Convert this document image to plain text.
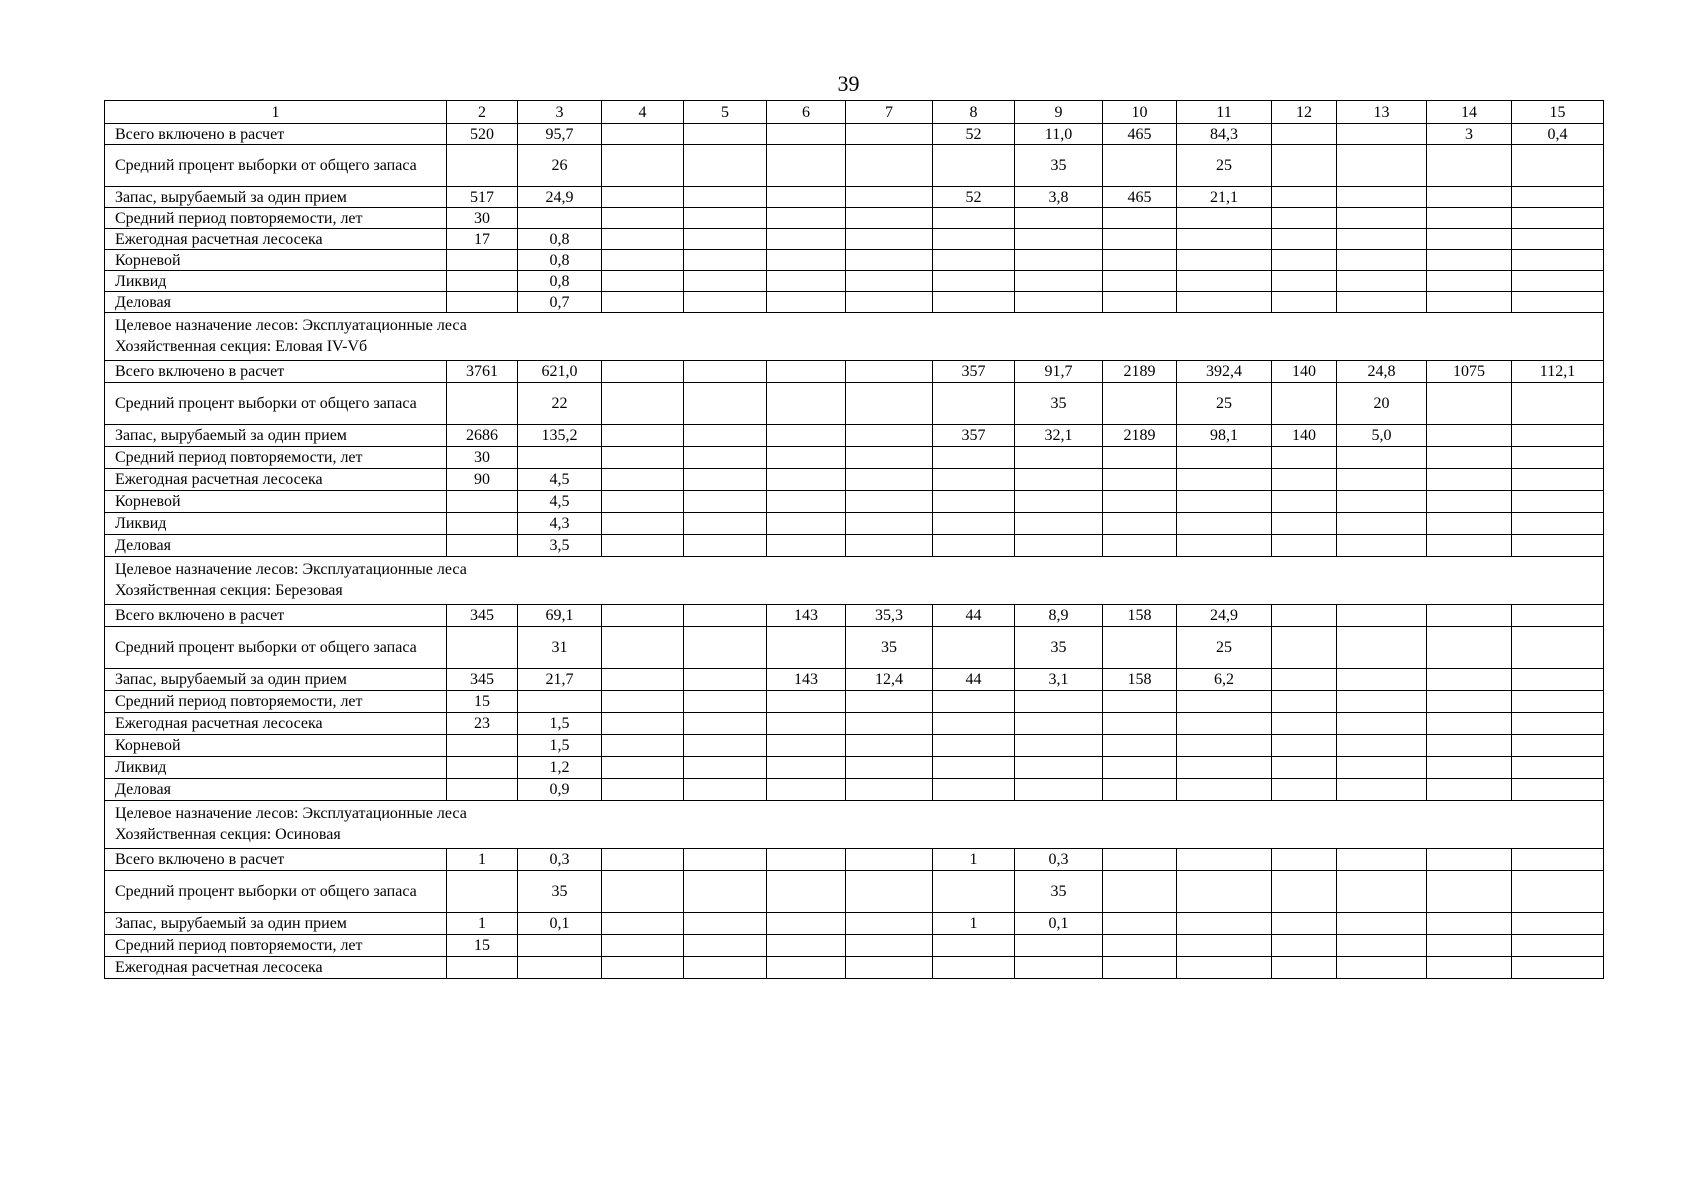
39
1	2	3	4	5	6	7	8	9	10	11	12	13	14	15
Всего включено в расчет	520	95,7					52	11,0	465	84,3			3	0,4
Средний процент выборки от общего запаса		26						35		25				
Запас, вырубаемый за один прием	517	24,9					52	3,8	465	21,1				
Средний период повторяемости, лет	30													
Ежегодная расчетная лесосека	17	0,8												
Корневой		0,8												
Ликвид		0,8												
Деловая		0,7												

Целевое назначение лесов: Эксплуатационные леса
Хозяйственная секция: Еловая IV-Vб														

Всего включено в расчет	3761	621,0					357	91,7	2189	392,4	140	24,8	1075	112,1
Средний процент выборки от общего запаса		22						35		25		20		
Запас, вырубаемый за один прием	2686	135,2					357	32,1	2189	98,1	140	5,0		
Средний период повторяемости, лет	30													
Ежегодная расчетная лесосека	90	4,5												
Корневой		4,5												
Ликвид		4,3												
Деловая		3,5												

Целевое назначение лесов: Эксплуатационные леса
Хозяйственная секция: Березовая														

Всего включено в расчет	345	69,1			143	35,3	44	8,9	158	24,9				
Средний процент выборки от общего запаса		31				35		35		25				
Запас, вырубаемый за один прием	345	21,7			143	12,4	44	3,1	158	6,2				
Средний период повторяемости, лет	15													
Ежегодная расчетная лесосека	23	1,5												
Корневой		1,5												
Ликвид		1,2												
Деловая		0,9												

Целевое назначение лесов: Эксплуатационные леса
Хозяйственная секция: Осиновая														

Всего включено в расчет	1	0,3					1	0,3						
Средний процент выборки от общего запаса		35						35						
Запас, вырубаемый за один прием	1	0,1					1	0,1						
Средний период повторяемости, лет	15													
Ежегодная расчетная лесосека														
